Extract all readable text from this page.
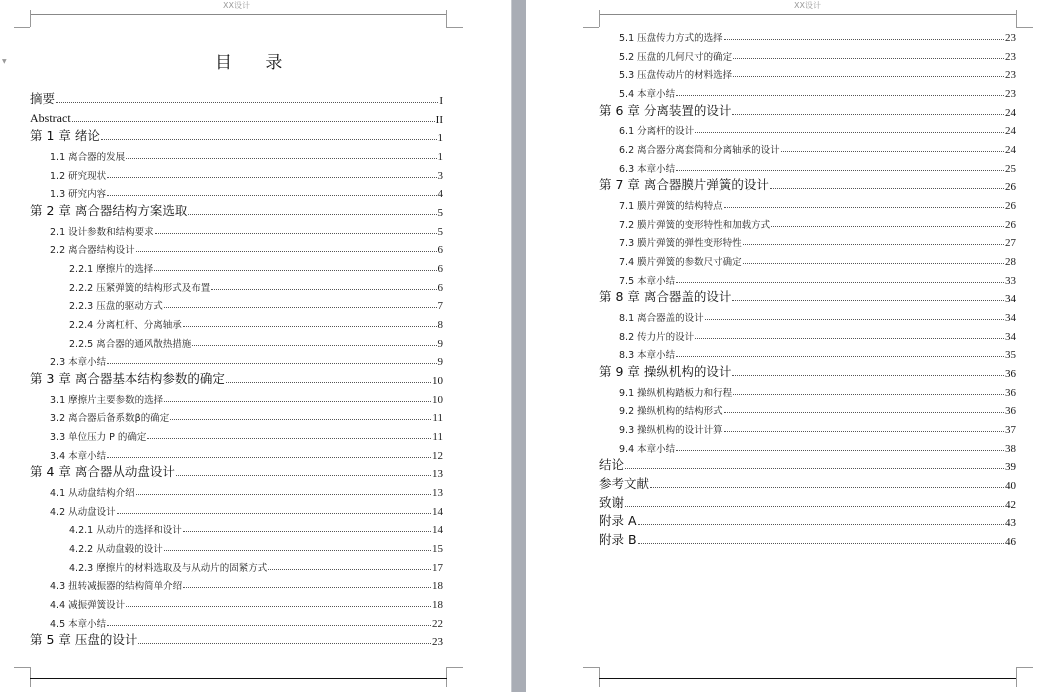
▼
XX设计
目 录
摘要	I
Abstract	II
第 1 章 绪论	1
1.1 离合器的发展	1
1.2 研究现状	3
1.3 研究内容	4
第 2 章 离合器结构方案选取	5
2.1 设计参数和结构要求	5
2.2 离合器结构设计	6
2.2.1 摩擦片的选择	6
2.2.2 压紧弹簧的结构形式及布置	6
2.2.3 压盘的驱动方式	7
2.2.4 分离杠杆、分离轴承	8
2.2.5 离合器的通风散热措施	9
2.3 本章小结	9
第 3 章 离合器基本结构参数的确定	10
3.1 摩擦片主要参数的选择	10
3.2 离合器后备系数β的确定	11
3.3 单位压力 P 的确定	11
3.4 本章小结	12
第 4 章 离合器从动盘设计	13
4.1 从动盘结构介绍	13
4.2 从动盘设计	14
4.2.1 从动片的选择和设计	14
4.2.2 从动盘毂的设计	15
4.2.3 摩擦片的材料选取及与从动片的固紧方式	17
4.3 扭转减振器的结构简单介绍	18
4.4 减振弹簧设计	18
4.5 本章小结	22
第 5 章 压盘的设计	23
XX设计
5.1 压盘传力方式的选择	23
5.2 压盘的几何尺寸的确定	23
5.3 压盘传动片的材料选择	23
5.4 本章小结	23
第 6 章 分离装置的设计	24
6.1 分离杆的设计	24
6.2 离合器分离套筒和分离轴承的设计	24
6.3 本章小结	25
第 7 章 离合器膜片弹簧的设计	26
7.1 膜片弹簧的结构特点	26
7.2 膜片弹簧的变形特性和加载方式	26
7.3 膜片弹簧的弹性变形特性	27
7.4 膜片弹簧的参数尺寸确定	28
7.5 本章小结	33
第 8 章 离合器盖的设计	34
8.1 离合器盖的设计	34
8.2 传力片的设计	34
8.3 本章小结	35
第 9 章 操纵机构的设计	36
9.1 操纵机构踏板力和行程	36
9.2 操纵机构的结构形式	36
9.3 操纵机构的设计计算	37
9.4 本章小结	38
结论	39
参考文献	40
致谢	42
附录 A	43
附录 B	46
